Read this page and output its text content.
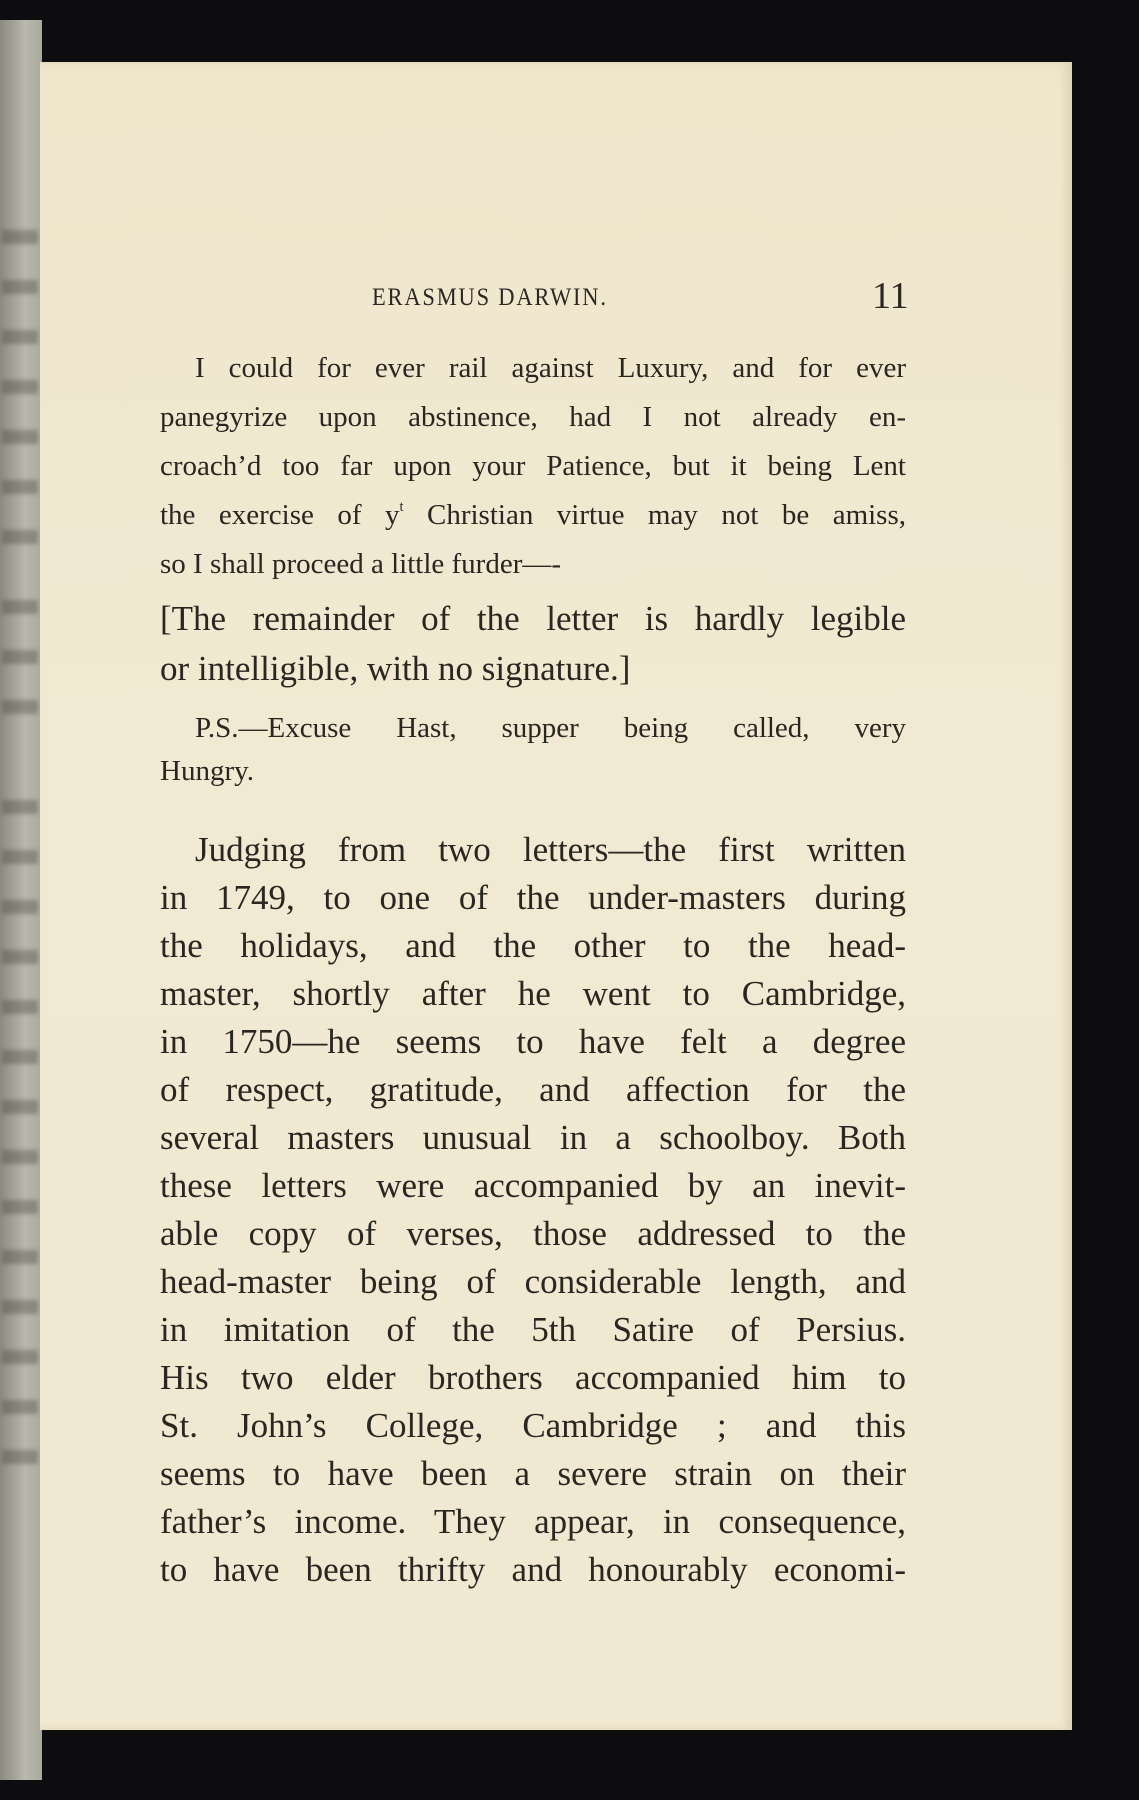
ERASMUS DARWIN.	11
I could for ever rail against Luxury, and for ever
panegyrize upon abstinence, had I not already en-
croach’d too far upon your Patience, but it being Lent
the exercise of $y^t$ Christian virtue may not be amiss,
so I shall proceed a little furder—-
[The remainder of the letter is hardly legible
or intelligible, with no signature.]
P.S.—Excuse Hast, supper being called, very
Hungry.
Judging from two letters—the first written
in 1749, to one of the under-masters during
the holidays, and the other to the head-
master, shortly after he went to Cambridge,
in 1750—he seems to have felt a degree
of respect, gratitude, and affection for the
several masters unusual in a schoolboy. Both
these letters were accompanied by an inevit-
able copy of verses, those addressed to the
head-master being of considerable length, and
in imitation of the 5th Satire of Persius.
His two elder brothers accompanied him to
St. John’s College, Cambridge ; and this
seems to have been a severe strain on their
father’s income. They appear, in consequence,
to have been thrifty and honourably economi-
